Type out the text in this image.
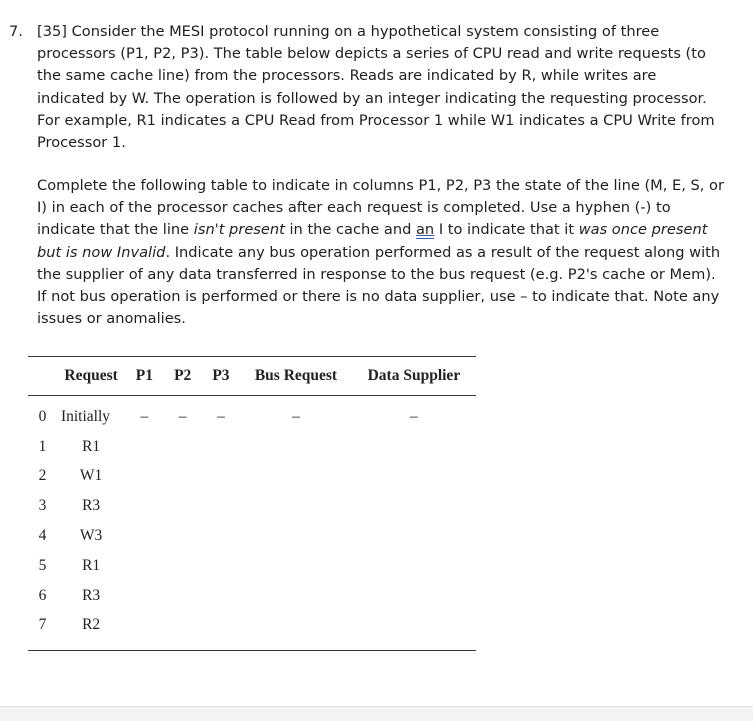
7. [35] Consider the MESI protocol running on a hypothetical system consisting of three processors (P1, P2, P3). The table below depicts a series of CPU read and write requests (to the same cache line) from the processors. Reads are indicated by R, while writes are indicated by W. The operation is followed by an integer indicating the requesting processor. For example, R1 indicates a CPU Read from Processor 1 while W1 indicates a CPU Write from Processor 1.

Complete the following table to indicate in columns P1, P2, P3 the state of the line (M, E, S, or I) in each of the processor caches after each request is completed. Use a hyphen (-) to indicate that the line isn't present in the cache and an I to indicate that it was once present but is now Invalid. Indicate any bus operation performed as a result of the request along with the supplier of any data transferred in response to the bus request (e.g. P2's cache or Mem). If not bus operation is performed or there is no data supplier, use – to indicate that. Note any issues or anomalies.

	Request	P1	P2	P3	Bus Request	Data Supplier
0	Initially	–	–	–	–	–
1	R1					
2	W1					
3	R3					
4	W3					
5	R1					
6	R3					
7	R2					
